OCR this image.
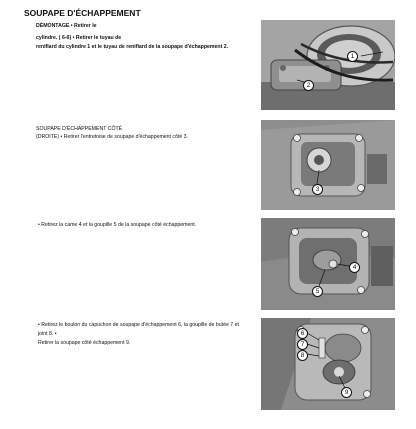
SOUPAPE D'ÉCHAPPEMENT
DÉMONTAGE • Retirer le
cylindre. ( 6-6) • Retirer le tuyau de
reniflard du cylindre 1 et le tuyau de reniflard de la soupape d'échappement 2.
SOUPAPE D'ÉCHAPPEMENT CÔTÉ
(DROITE) • Retirer l'entretoise de soupape d'échappement côté 3.
• Retirez la came 4 et la goupille 5 de la soupape côté échappement.
• Retirez le boulon du capuchon de soupape d'échappement 6, la goupille de butée 7 et
joint 8. •
Retirer la soupape côté échappement 9.
1
2
3
4
5
6
7
8
9
